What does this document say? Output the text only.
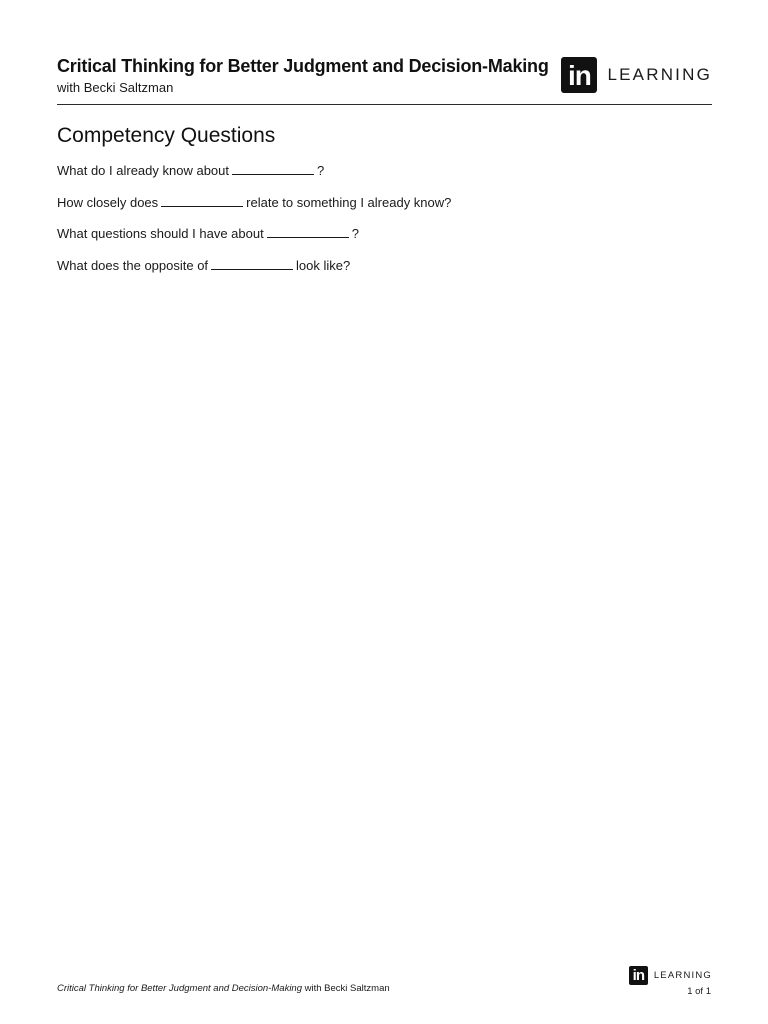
Critical Thinking for Better Judgment and Decision-Making
with Becki Saltzman	in LEARNING
Competency Questions
What do I already know about	?
How closely does	relate to something I already know?
What questions should I have about	?
What does the opposite of	look like?
Critical Thinking for Better Judgment and Decision-Making with Becki Saltzman
in	LEARNING
1 of 1
